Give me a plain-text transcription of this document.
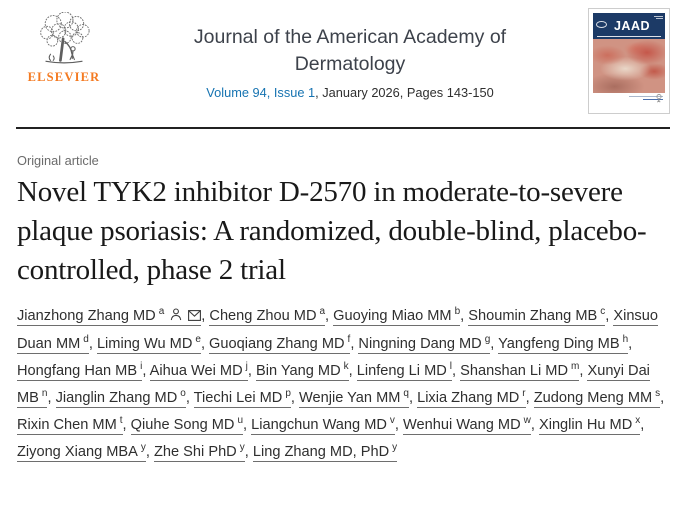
ELSEVIER
Journal of the American Academy of Dermatology
Volume 94, Issue 1, January 2026, Pages 143-150
JAAD
Original article
Novel TYK2 inhibitor D-2570 in moderate-to-severe plaque psoriasis: A randomized, double-blind, placebo-controlled, phase 2 trial
Jianzhong Zhang MD $^a$	, Cheng Zhou MD $^a$, Guoying Miao MM $^b$, Shoumin Zhang MB $^c$, Xinsuo Duan MM $^d$, Liming Wu MD $^e$, Guoqiang Zhang MD $^f$, Ningning Dang MD $^g$, Yangfeng Ding MB $^h$, Hongfang Han MB $^i$, Aihua Wei MD $^j$, Bin Yang MD $^k$, Linfeng Li MD $^l$, Shanshan Li MD $^m$, Xunyi Dai MB $^n$, Jianglin Zhang MD $^o$, Tiechi Lei MD $^p$, Wenjie Yan MM $^q$, Lixia Zhang MD $^r$, Zudong Meng MM $^s$, Rixin Chen MM $^t$, Qiuhe Song MD $^u$, Liangchun Wang MD $^v$, Wenhui Wang MD $^w$, Xinglin Hu MD $^x$, Ziyong Xiang MBA $^y$, Zhe Shi PhD $^y$, Ling Zhang MD, PhD $^y$
